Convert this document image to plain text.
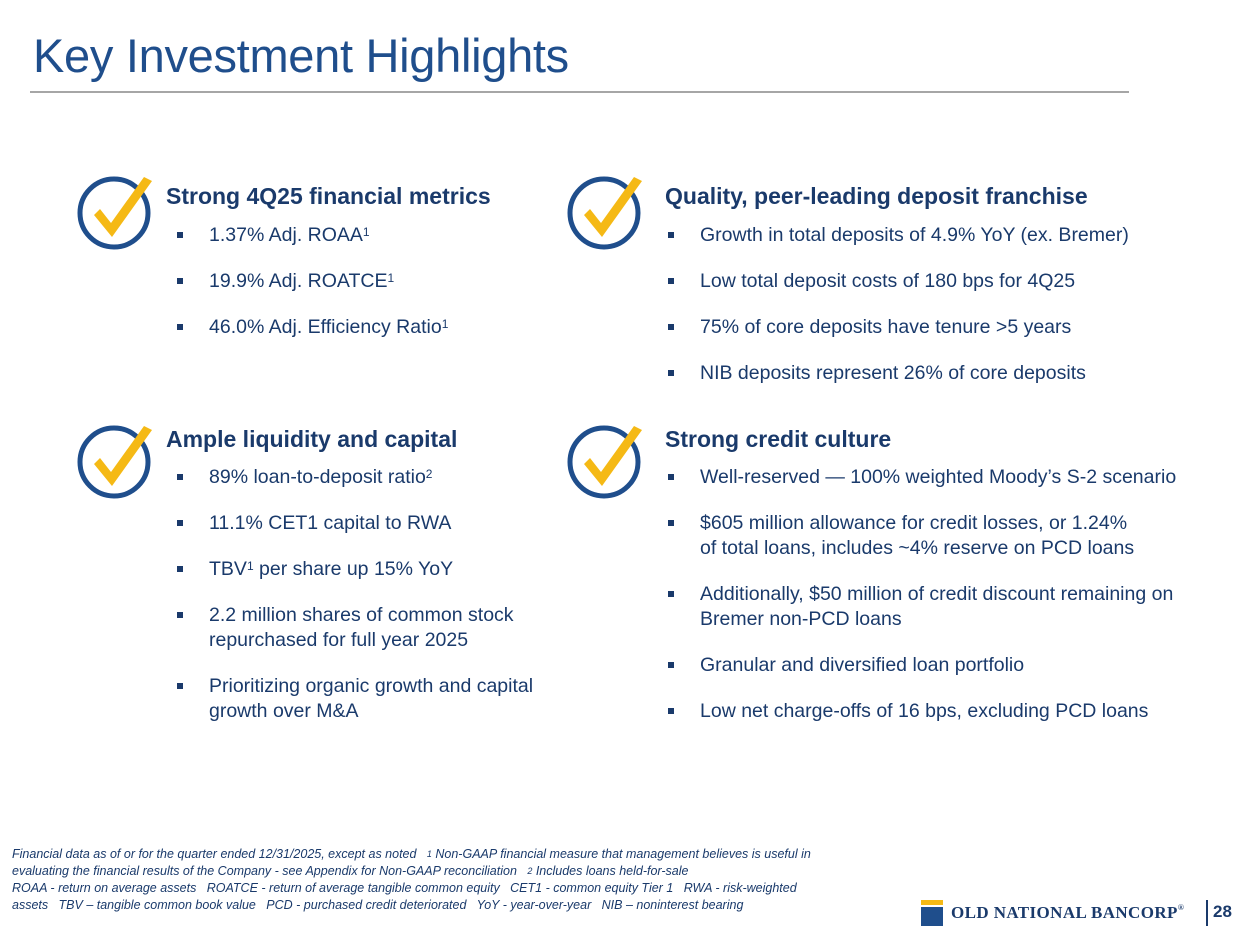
Key Investment Highlights
Strong 4Q25 financial metrics
1.37% Adj. ROAA$^1$
19.9% Adj. ROATCE$^1$
46.0% Adj. Efficiency Ratio$^1$
Quality, peer-leading deposit franchise
Growth in total deposits of 4.9% YoY (ex. Bremer)
Low total deposit costs of 180 bps for 4Q25
75% of core deposits have tenure >5 years
NIB deposits represent 26% of core deposits
Ample liquidity and capital
89% loan-to-deposit ratio$^2$
11.1% CET1 capital to RWA
TBV$^1$ per share up 15% YoY
2.2 million shares of common stock
repurchased for full year 2025
Prioritizing organic growth and capital
growth over M&A
Strong credit culture
Well-reserved — 100% weighted Moody’s S-2 scenario
$605 million allowance for credit losses, or 1.24%
of total loans, includes ~4% reserve on PCD loans
Additionally, $50 million of credit discount remaining on
Bremer non-PCD loans
Granular and diversified loan portfolio
Low net charge-offs of 16 bps, excluding PCD loans
Financial data as of or for the quarter ended 12/31/2025, except as noted $^1$ Non-GAAP financial measure that management believes is useful in
evaluating the financial results of the Company - see Appendix for Non-GAAP reconciliation $^2$ Includes loans held-for-sale
ROAA - return on average assets   ROATCE - return of average tangible common equity   CET1 - common equity Tier 1   RWA - risk-weighted
assets   TBV – tangible common book value   PCD - purchased credit deteriorated   YoY - year-over-year   NIB – noninterest bearing	OLD NATIONAL BANCORP® 28
